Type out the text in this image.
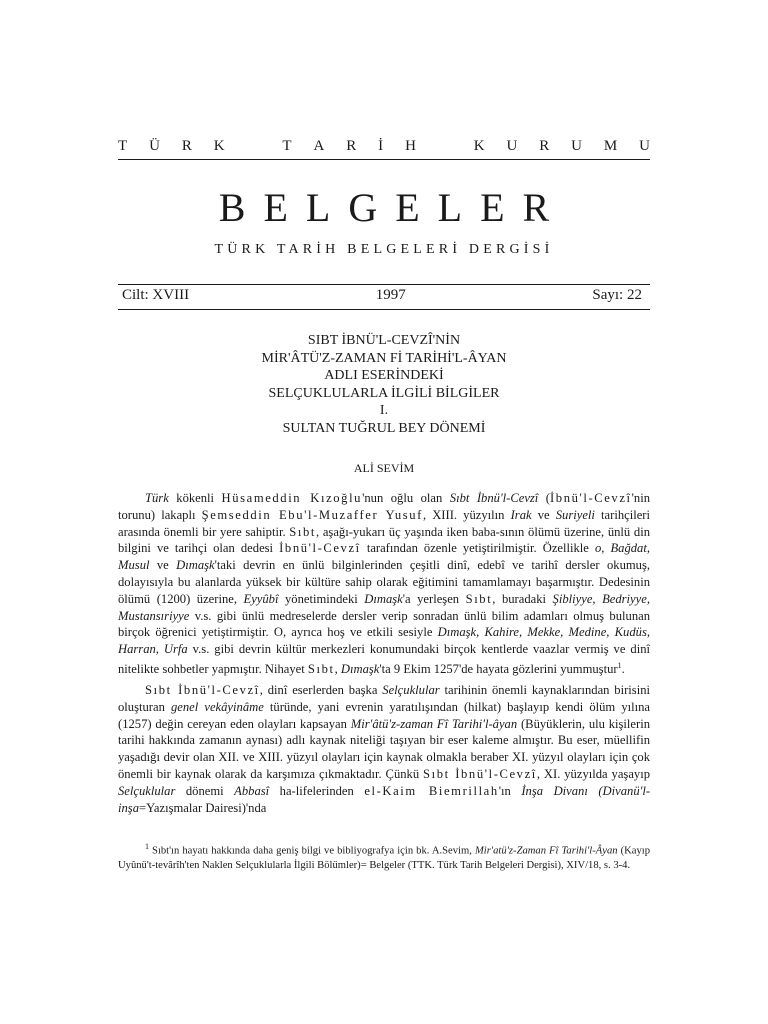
T Ü R K	T A R İ H	K U R U M U
BELGELER
TÜRK TARİH BELGELERİ DERGİSİ
Cilt: XVIII	1997	Sayı: 22
SIBT İBNÜ'L-CEVZÎ'NİN
MİR'ÂTÜ'Z-ZAMAN Fİ TARİHİ'L-ÂYAN
ADLI ESERİNDEKİ
SELÇUKLULARLA İLGİLİ BİLGİLER
I.
SULTAN TUĞRUL BEY DÖNEMİ
ALİ SEVİM

Türk kökenli Hüsameddin Kızoğlu'nun oğlu olan Sıbt İbnü'l-Cevzî (İbnü'l-Cevzî'nin torunu) lakaplı Şemseddin Ebu'l-Muzaffer Yusuf, XIII. yüzyılın Irak ve Suriyeli tarihçileri arasında önemli bir yere sahiptir. Sıbt, aşağı-yukarı üç yaşında iken baba-sının ölümü üzerine, ünlü din bilgini ve tarihçi olan dedesi İbnü'l-Cevzî tarafından özenle yetiştirilmiştir. Özellikle o, Bağdat, Musul ve Dımaşk'taki devrin en ünlü bilginlerinden çeşitli dinî, edebî ve tarihî dersler okumuş, dolayısıyla bu alanlarda yüksek bir kültüre sahip olarak eğitimini tamamlamayı başarmıştır. Dedesinin ölümü (1200) üzerine, Eyyûbî yönetimindeki Dımaşk'a yerleşen Sıbt, buradaki Şibliyye, Bedriyye, Mustansıriyye v.s. gibi ünlü medreselerde dersler verip sonradan ünlü bilim adamları olmuş bulunan birçok öğrenici yetiştirmiştir. O, ayrıca hoş ve etkili sesiyle Dımaşk, Kahire, Mekke, Medine, Kudüs, Harran, Urfa v.s. gibi devrin kültür merkezleri konumundaki birçok kentlerde vaazlar vermiş ve dinî nitelikte sohbetler yapmıştır. Nihayet Sıbt, Dımaşk'ta 9 Ekim 1257'de hayata gözlerini yummuştur$^1$.

Sıbt İbnü'l-Cevzî, dinî eserlerden başka Selçuklular tarihinin önemli kaynaklarından birisini oluşturan genel vekâyinâme türünde, yani evrenin yaratılışından (hilkat) başlayıp kendi ölüm yılına (1257) değin cereyan eden olayları kapsayan Mir'âtü'z-zaman Fî Tarihi'l-âyan (Büyüklerin, ulu kişilerin tarihi hakkında zamanın aynası) adlı kaynak niteliği taşıyan bir eser kaleme almıştır. Bu eser, müellifin yaşadığı devir olan XII. ve XIII. yüzyıl olayları için kaynak olmakla beraber XI. yüzyıl olayları için çok önemli bir kaynak olarak da karşımıza çıkmaktadır. Çünkü Sıbt İbnü'l-Cevzî, XI. yüzyılda yaşayıp Selçuklular dönemi Abbasî ha-lifelerinden el-Kaim Biemrillah'ın İnşa Divanı (Divanü'l-inşa=Yazışmalar Dairesi)'nda

$^1$ Sıbt'ın hayatı hakkında daha geniş bilgi ve bibliyografya için bk. A.Sevim, Mir'atü'z-Zaman Fî Tarihi'l-Âyan (Kayıp Uyûnü't-tevârîh'ten Naklen Selçuklularla İlgili Bölümler)= Belgeler (TTK. Türk Tarih Belgeleri Dergisi), XIV/18, s. 3-4.
